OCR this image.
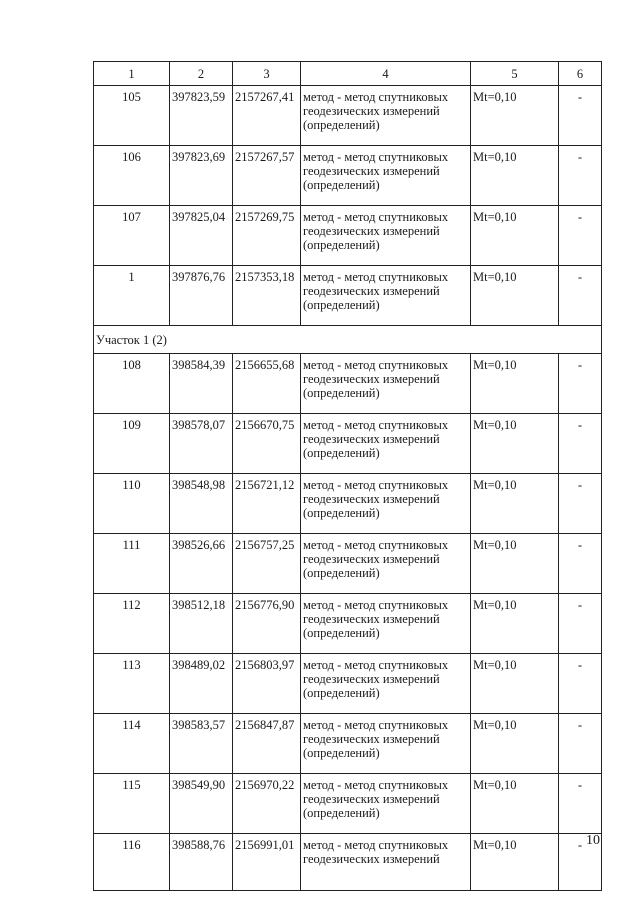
1	2	3	4	5	6
105	397823,59	2157267,41	метод - метод спутниковых геодезических измерений (определений)	Mt=0,10	-
106	397823,69	2157267,57	метод - метод спутниковых геодезических измерений (определений)	Mt=0,10	-
107	397825,04	2157269,75	метод - метод спутниковых геодезических измерений (определений)	Mt=0,10	-
1	397876,76	2157353,18	метод - метод спутниковых геодезических измерений (определений)	Mt=0,10	-
Участок 1 (2)					
108	398584,39	2156655,68	метод - метод спутниковых геодезических измерений (определений)	Mt=0,10	-
109	398578,07	2156670,75	метод - метод спутниковых геодезических измерений (определений)	Mt=0,10	-
110	398548,98	2156721,12	метод - метод спутниковых геодезических измерений (определений)	Mt=0,10	-
111	398526,66	2156757,25	метод - метод спутниковых геодезических измерений (определений)	Mt=0,10	-
112	398512,18	2156776,90	метод - метод спутниковых геодезических измерений (определений)	Mt=0,10	-
113	398489,02	2156803,97	метод - метод спутниковых геодезических измерений (определений)	Mt=0,10	-
114	398583,57	2156847,87	метод - метод спутниковых геодезических измерений (определений)	Mt=0,10	-
115	398549,90	2156970,22	метод - метод спутниковых геодезических измерений (определений)	Mt=0,10	-
116	398588,76	2156991,01	метод - метод спутниковых геодезических измерений	Mt=0,10	- 10
